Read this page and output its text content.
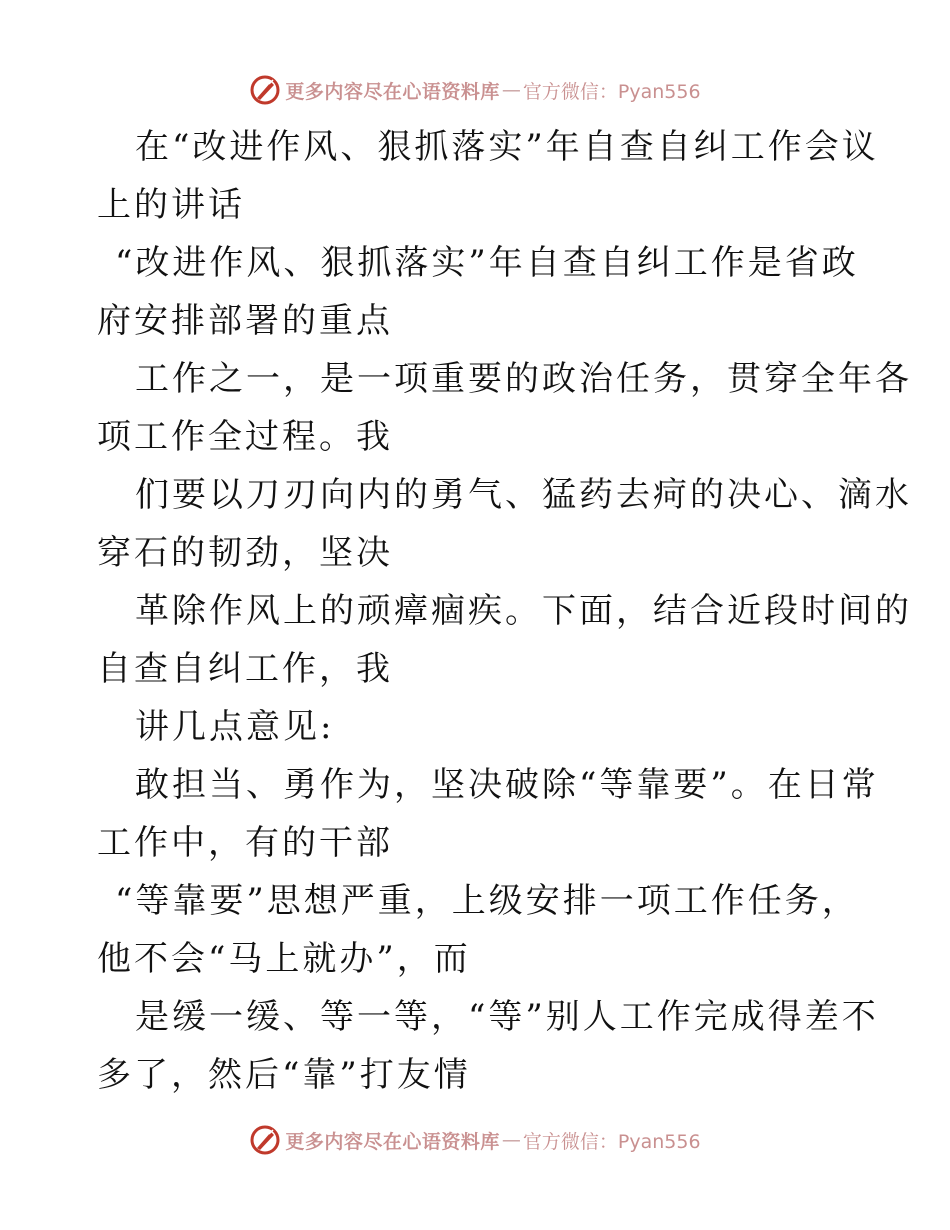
更多内容尽在心语资料库 — 官方微信：Pyan556
在“改进作风、狠抓落实”年自查自纠工作会议
上的讲话
“改进作风、狠抓落实”年自查自纠工作是省政
府安排部署的重点
工作之一，是一项重要的政治任务，贯穿全年各
项工作全过程。我
们要以刀刃向内的勇气、猛药去疴的决心、滴水
穿石的韧劲，坚决
革除作风上的顽瘴痼疾。下面，结合近段时间的
自查自纠工作，我
讲几点意见:
敢担当、勇作为，坚决破除“等靠要”。在日常
工作中，有的干部
“等靠要”思想严重，上级安排一项工作任务，
他不会“马上就办”，而
是缓一缓、等一等，“等”别人工作完成得差不
多了，然后“靠”打友情
更多内容尽在心语资料库 — 官方微信：Pyan556
